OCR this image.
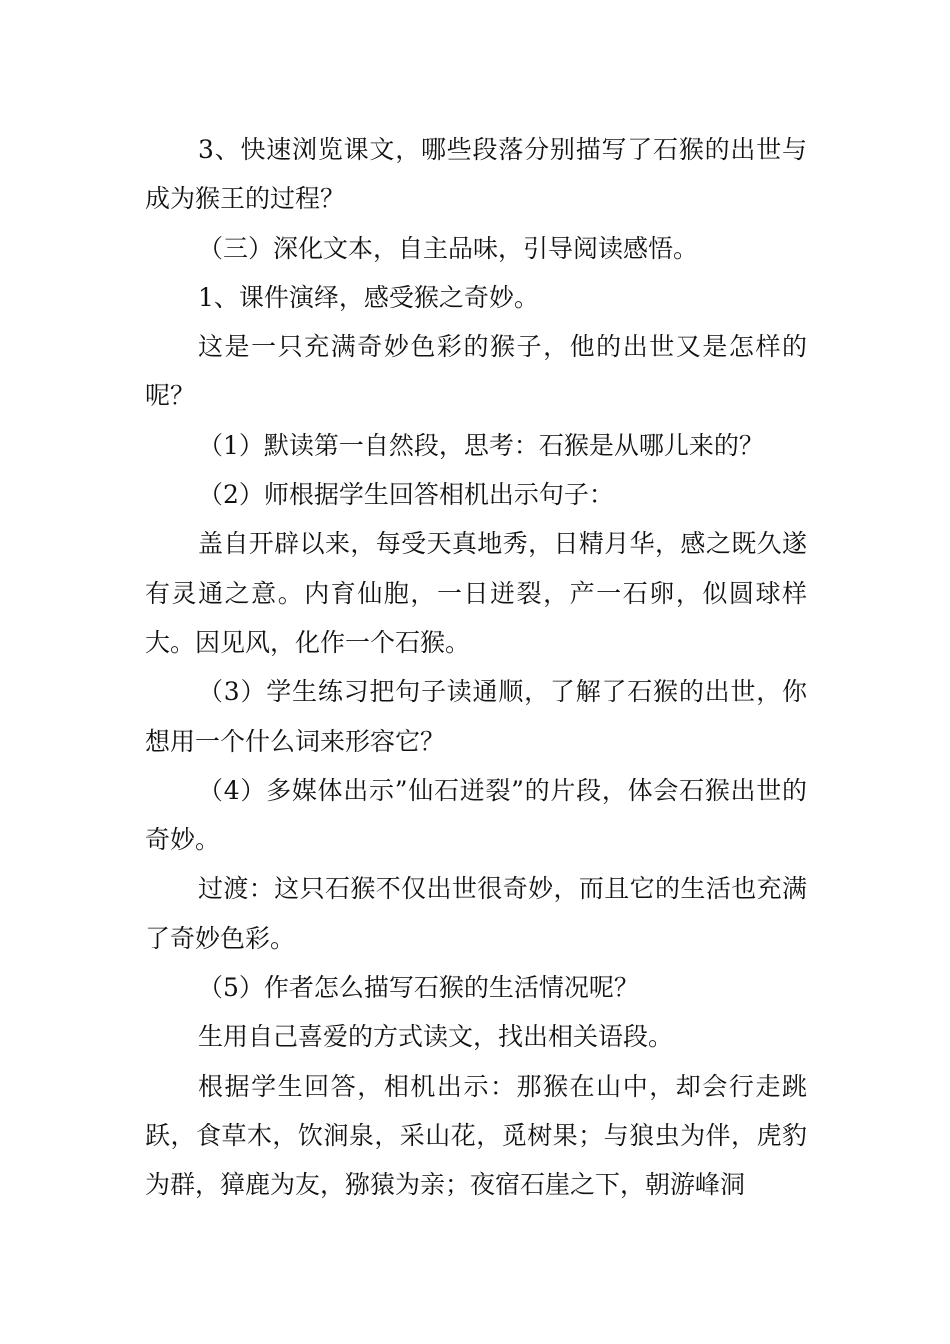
3、快速浏览课文，哪些段落分别描写了石猴的出世与成为猴王的过程？

（三）深化文本，自主品味，引导阅读感悟。

1、课件演绎，感受猴之奇妙。

这是一只充满奇妙色彩的猴子，他的出世又是怎样的呢？

（1）默读第一自然段，思考：石猴是从哪儿来的？

（2）师根据学生回答相机出示句子：

盖自开辟以来，每受天真地秀，日精月华，感之既久遂有灵通之意。内育仙胞，一日迸裂，产一石卵，似圆球样大。因见风，化作一个石猴。

（3）学生练习把句子读通顺，了解了石猴的出世，你想用一个什么词来形容它？

（4）多媒体出示”仙石迸裂”的片段，体会石猴出世的奇妙。

过渡：这只石猴不仅出世很奇妙，而且它的生活也充满了奇妙色彩。

（5）作者怎么描写石猴的生活情况呢？

生用自己喜爱的方式读文，找出相关语段。

根据学生回答，相机出示：那猴在山中，却会行走跳跃，食草木，饮涧泉，采山花，觅树果；与狼虫为伴，虎豹为群，獐鹿为友，猕猿为亲；夜宿石崖之下，朝游峰洞
